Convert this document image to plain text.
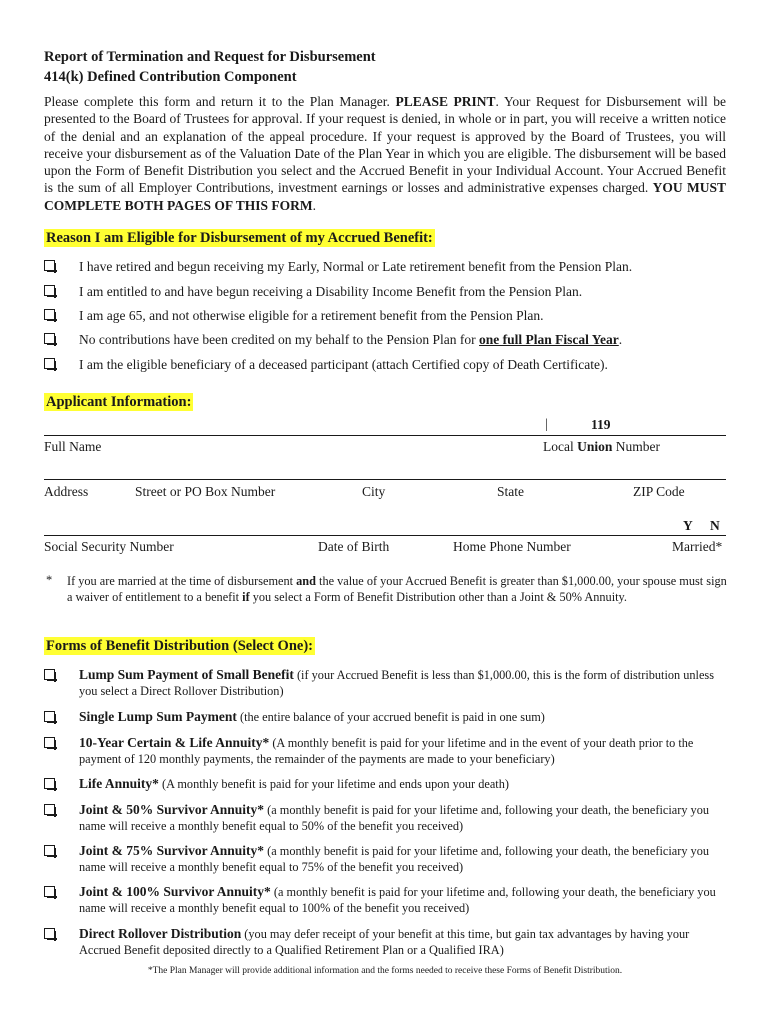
Report of Termination and Request for Disbursement
414(k) Defined Contribution Component
Please complete this form and return it to the Plan Manager. PLEASE PRINT. Your Request for Disbursement will be presented to the Board of Trustees for approval. If your request is denied, in whole or in part, you will receive a written notice of the denial and an explanation of the appeal procedure. If your request is approved by the Board of Trustees, you will receive your disbursement as of the Valuation Date of the Plan Year in which you are eligible. The disbursement will be based upon the Form of Benefit Distribution you select and the Accrued Benefit in your Individual Account. Your Accrued Benefit is the sum of all Employer Contributions, investment earnings or losses and administrative expenses charged. YOU MUST COMPLETE BOTH PAGES OF THIS FORM.
Reason I am Eligible for Disbursement of my Accrued Benefit:
I have retired and begun receiving my Early, Normal or Late retirement benefit from the Pension Plan.
I am entitled to and have begun receiving a Disability Income Benefit from the Pension Plan.
I am age 65, and not otherwise eligible for a retirement benefit from the Pension Plan.
No contributions have been credited on my behalf to the Pension Plan for one full Plan Fiscal Year.
I am the eligible beneficiary of a deceased participant (attach Certified copy of Death Certificate).
Applicant Information:
|	119
Full Name	Local Union Number
Address	Street or PO Box Number	City	State	ZIP Code
Y N
Social Security Number	Date of Birth	Home Phone Number	Married*
* If you are married at the time of disbursement and the value of your Accrued Benefit is greater than $1,000.00, your spouse must sign a waiver of entitlement to a benefit if you select a Form of Benefit Distribution other than a Joint & 50% Annuity.
Forms of Benefit Distribution (Select One):
Lump Sum Payment of Small Benefit (if your Accrued Benefit is less than $1,000.00, this is the form of distribution unless you select a Direct Rollover Distribution)
Single Lump Sum Payment (the entire balance of your accrued benefit is paid in one sum)
10-Year Certain & Life Annuity* (A monthly benefit is paid for your lifetime and in the event of your death prior to the payment of 120 monthly payments, the remainder of the payments are made to your beneficiary)
Life Annuity* (A monthly benefit is paid for your lifetime and ends upon your death)
Joint & 50% Survivor Annuity* (a monthly benefit is paid for your lifetime and, following your death, the beneficiary you name will receive a monthly benefit equal to 50% of the benefit you received)
Joint & 75% Survivor Annuity* (a monthly benefit is paid for your lifetime and, following your death, the beneficiary you name will receive a monthly benefit equal to 75% of the benefit you received)
Joint & 100% Survivor Annuity* (a monthly benefit is paid for your lifetime and, following your death, the beneficiary you name will receive a monthly benefit equal to 100% of the benefit you received)
Direct Rollover Distribution (you may defer receipt of your benefit at this time, but gain tax advantages by having your Accrued Benefit deposited directly to a Qualified Retirement Plan or a Qualified IRA)
*The Plan Manager will provide additional information and the forms needed to receive these Forms of Benefit Distribution.
